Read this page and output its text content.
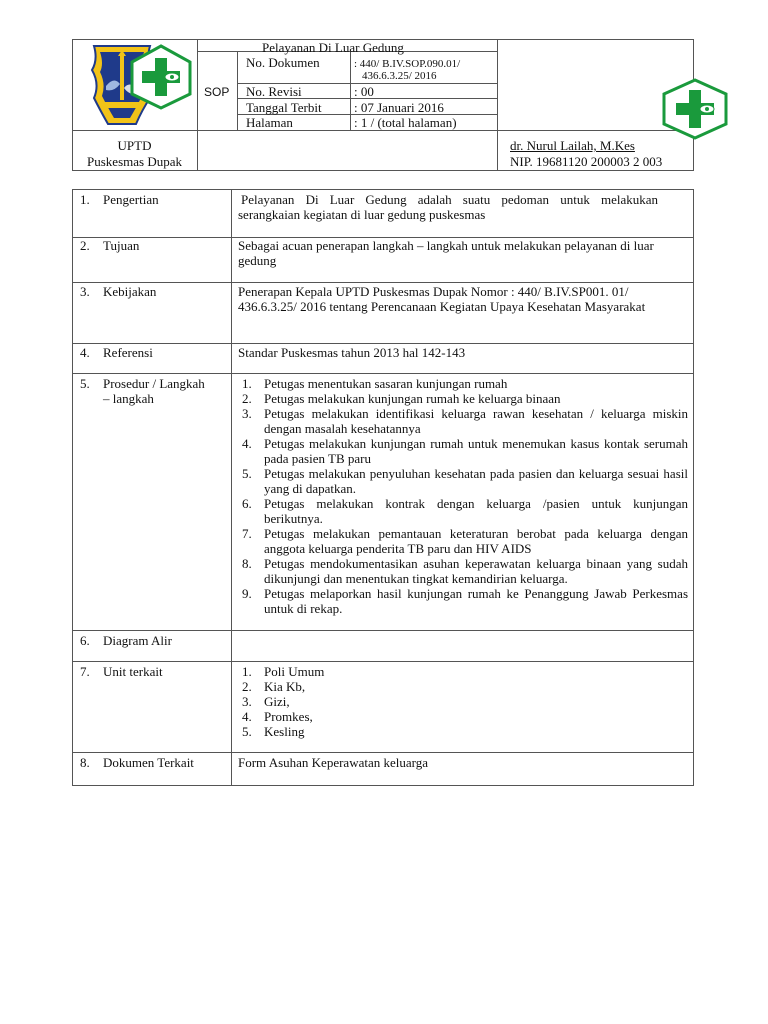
Pelayanan Di Luar Gedung
SOP
No. Dokumen	: 440/ B.IV.SOP.090.01/
436.6.3.25/ 2016
No. Revisi	: 00
Tanggal Terbit : 07 Januari 2016
Halaman	: 1 / (total halaman)
UPTD
Puskesmas Dupak
dr. Nurul Lailah, M.Kes
NIP. 19681120 200003 2 003
1.	Pengertian	Pelayanan Di Luar Gedung adalah suatu pedoman untuk melakukan serangkaian kegiatan di luar gedung puskesmas
2.	Tujuan	Sebagai acuan penerapan langkah – langkah untuk melakukan pelayanan di luar gedung
3.	Kebijakan	Penerapan Kepala UPTD Puskesmas Dupak Nomor : 440/ B.IV.SP001. 01/ 436.6.3.25/ 2016 tentang Perencanaan Kegiatan Upaya Kesehatan Masyarakat
4.	Referensi	Standar Puskesmas tahun 2013 hal 142-143
5.	Prosedur / Langkah
– langkah
1. Petugas menentukan sasaran kunjungan rumah
2. Petugas melakukan kunjungan rumah ke keluarga binaan
3. Petugas melakukan identifikasi keluarga rawan kesehatan / keluarga miskin dengan masalah kesehatannya
4. Petugas melakukan kunjungan rumah untuk menemukan kasus kontak serumah pada pasien TB paru
5. Petugas melakukan penyuluhan kesehatan pada pasien dan keluarga sesuai hasil yang di dapatkan.
6. Petugas melakukan kontrak dengan keluarga /pasien untuk kunjungan berikutnya.
7. Petugas melakukan pemantauan keteraturan berobat pada keluarga dengan anggota keluarga penderita TB paru dan HIV AIDS
8. Petugas mendokumentasikan asuhan keperawatan keluarga binaan yang sudah dikunjungi dan menentukan tingkat kemandirian keluarga.
9. Petugas melaporkan hasil kunjungan rumah ke Penanggung Jawab Perkesmas untuk di rekap.
6.	Diagram Alir
7.	Unit terkait	1. Poli Umum
2. Kia Kb,
3. Gizi,
4. Promkes,
5. Kesling
8.	Dokumen Terkait	Form Asuhan Keperawatan keluarga
